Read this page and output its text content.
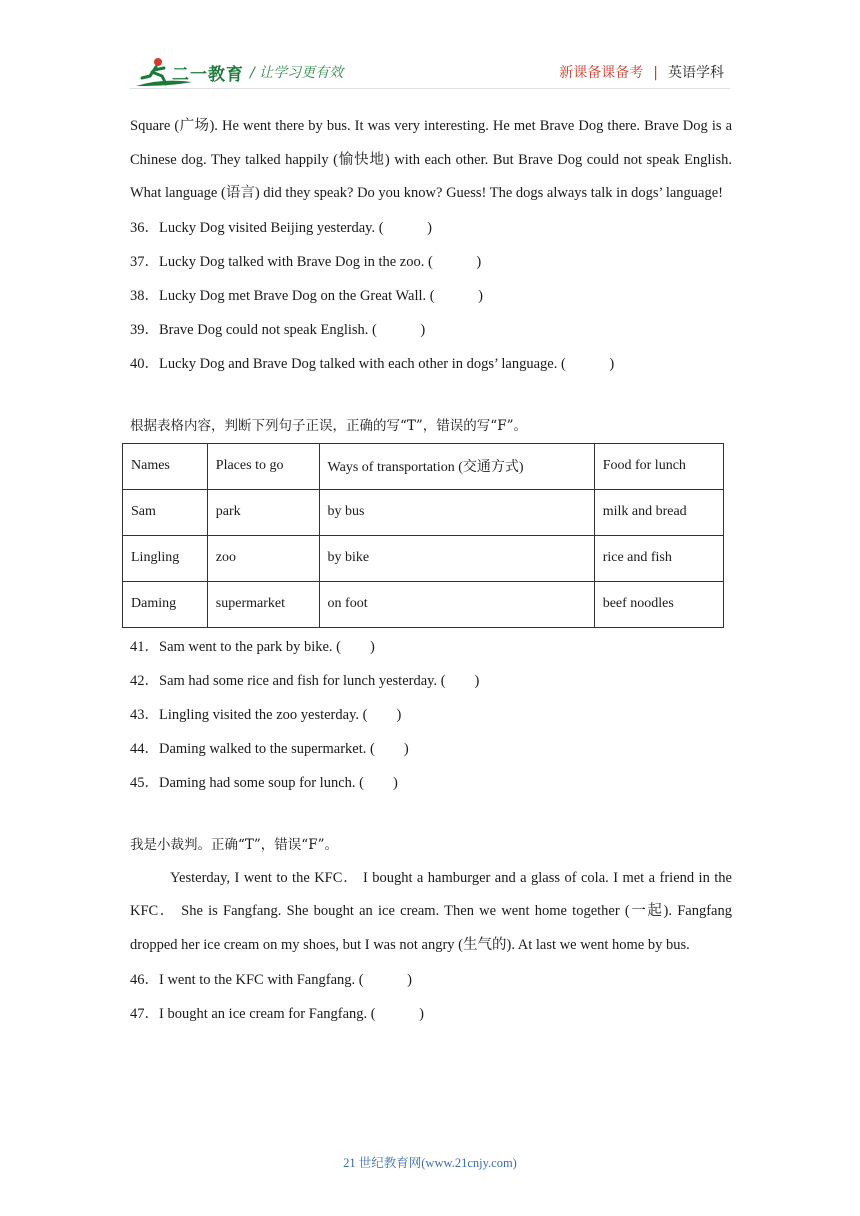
二一教育 / 让学习更有效	新课备课备考 | 英语学科

Square (广场). He went there by bus. It was very interesting. He met Brave Dog there. Brave Dog is a Chinese dog. They talked happily (愉快地) with each other. But Brave Dog could not speak English. What language (语言) did they speak? Do you know? Guess! The dogs always talk in dogs’ language!

36．Lucky Dog visited Beijing yesterday. (　　　)

37．Lucky Dog talked with Brave Dog in the zoo. (　　　)

38．Lucky Dog met Brave Dog on the Great Wall. (　　　)

39．Brave Dog could not speak English. (　　　)

40．Lucky Dog and Brave Dog talked with each other in dogs’ language. (　　　)

根据表格内容，判断下列句子正误，正确的写“T”，错误的写“F”。

Names	Places to go	Ways of transportation (交通方式)	Food for lunch
Sam	park	by bus	milk and bread
Lingling	zoo	by bike	rice and fish
Daming	supermarket	on foot	beef noodles

41．Sam went to the park by bike. (　　)

42．Sam had some rice and fish for lunch yesterday. (　　)

43．Lingling visited the zoo yesterday. (　　)

44．Daming walked to the supermarket. (　　)

45．Daming had some soup for lunch. (　　)

我是小裁判。正确“T”，错误“F”。

Yesterday, I went to the KFC． I bought a hamburger and a glass of cola. I met a friend in the KFC． She is Fangfang. She bought an ice cream. Then we went home together (一起). Fangfang dropped her ice cream on my shoes, but I was not angry (生气的). At last we went home by bus.

46．I went to the KFC with Fangfang. (　　　)

47．I bought an ice cream for Fangfang. (　　　)

21 世纪教育网(www.21cnjy.com)
